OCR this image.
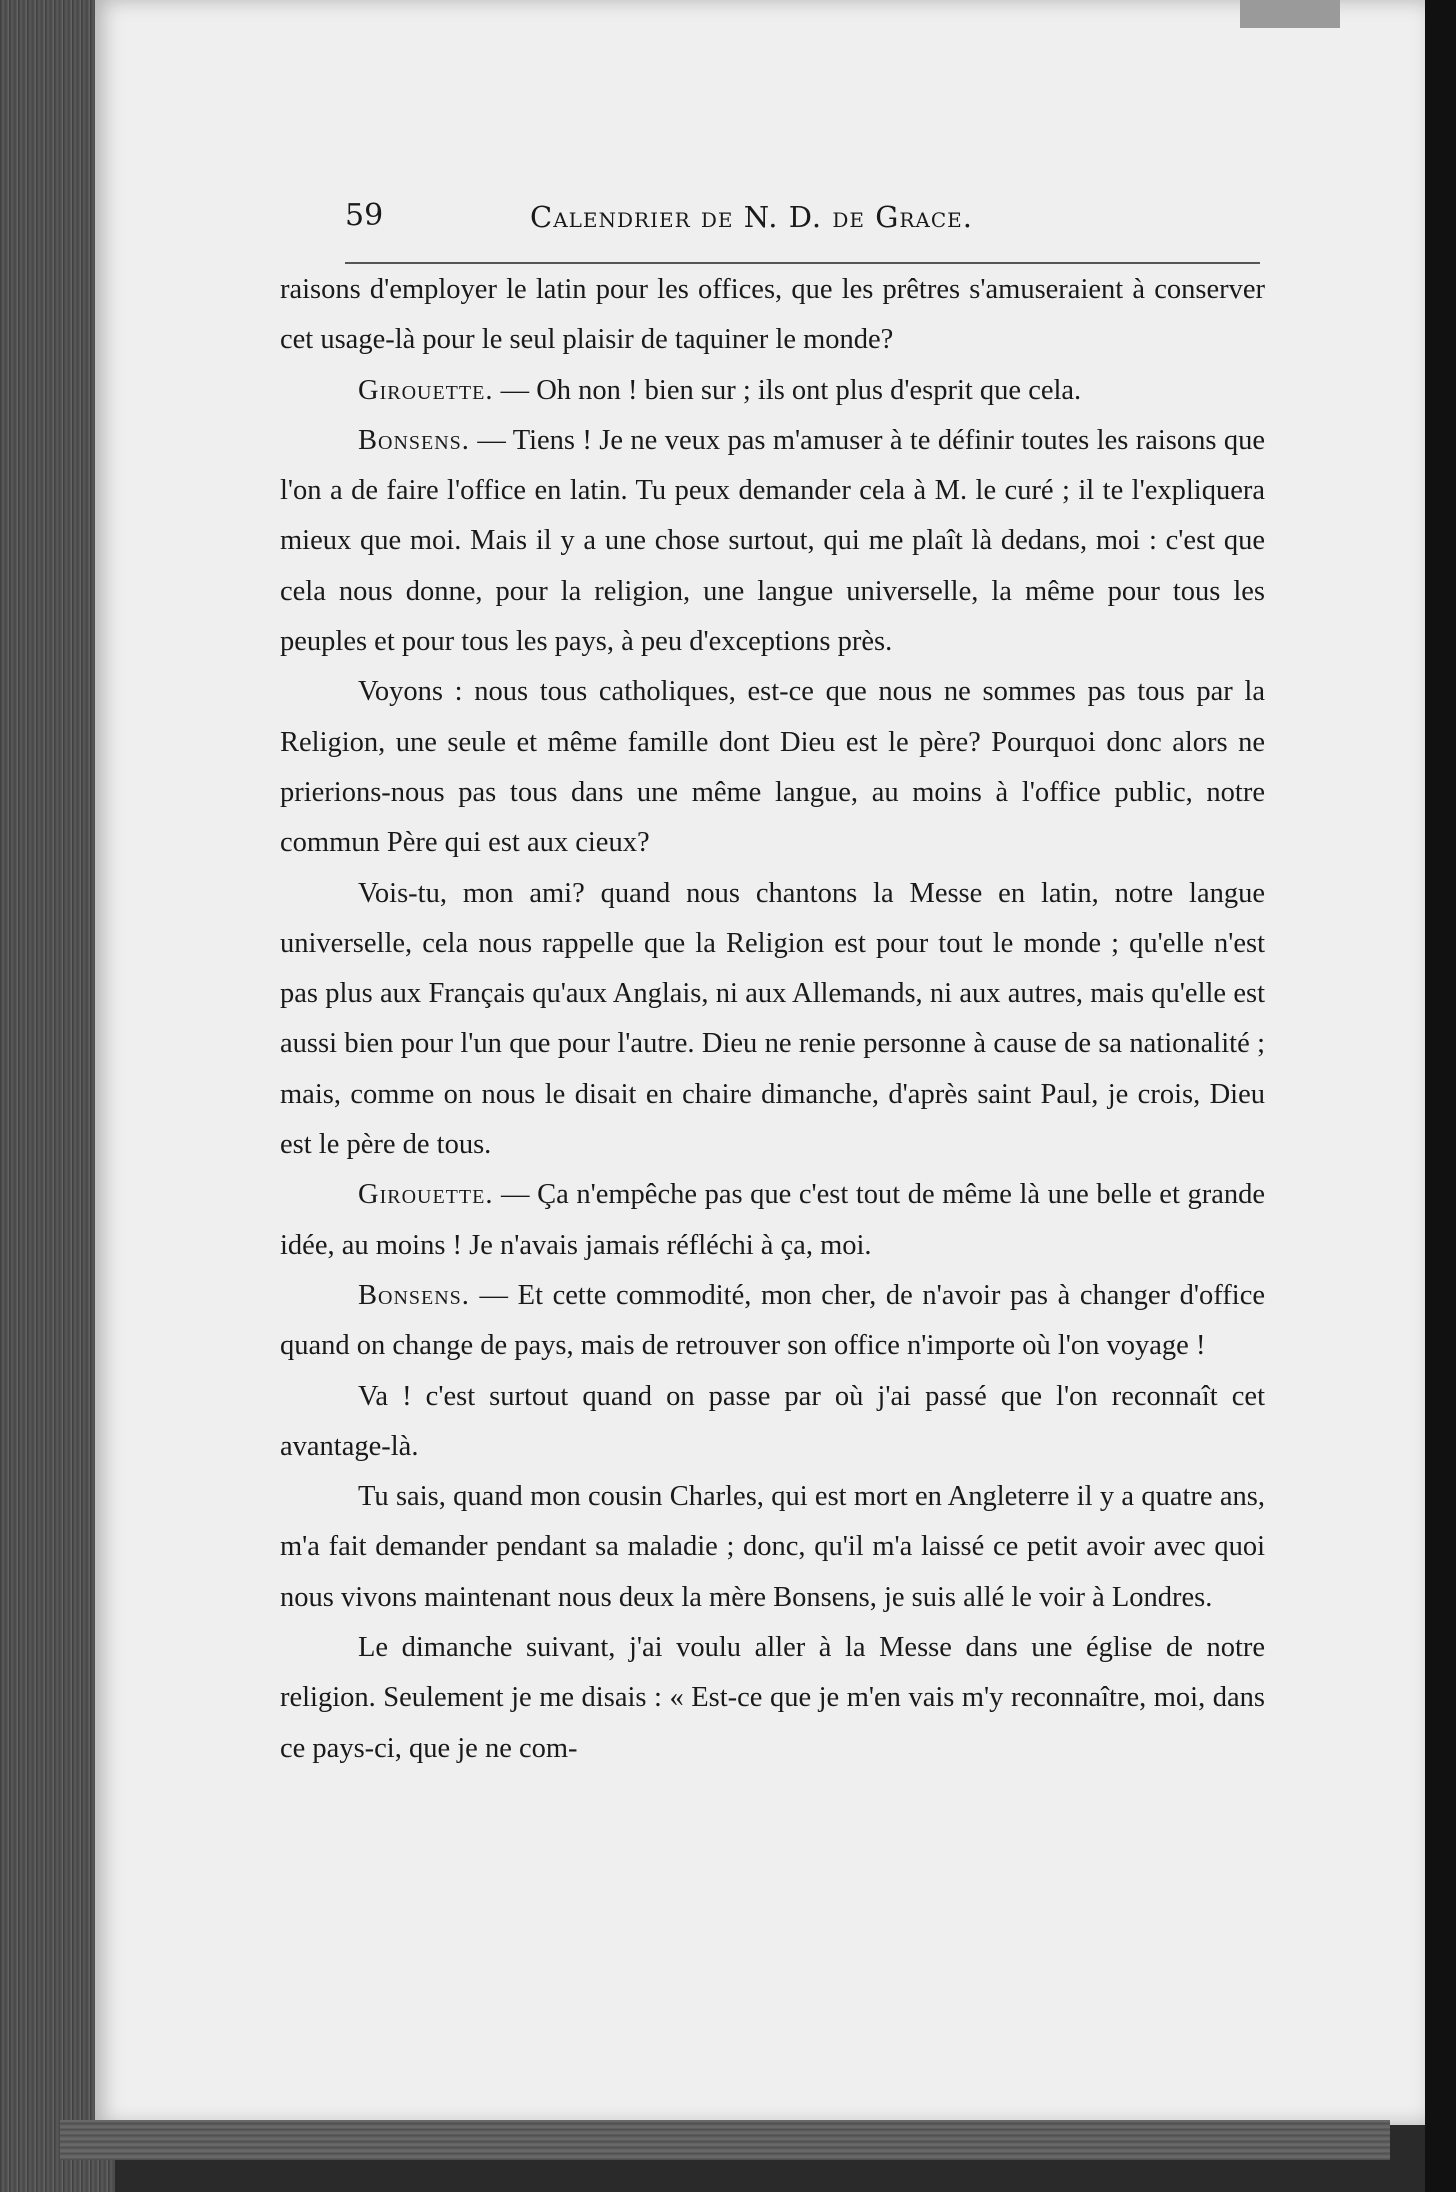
59	Calendrier de N. D. de Grace.

raisons d'employer le latin pour les offices, que les prêtres s'amuseraient à conserver cet usage-là pour le seul plaisir de taquiner le monde?

Girouette. — Oh non ! bien sur ; ils ont plus d'esprit que cela.

Bonsens. — Tiens ! Je ne veux pas m'amuser à te définir toutes les raisons que l'on a de faire l'office en latin. Tu peux demander cela à M. le curé ; il te l'expliquera mieux que moi. Mais il y a une chose surtout, qui me plaît là dedans, moi : c'est que cela nous donne, pour la religion, une langue universelle, la même pour tous les peuples et pour tous les pays, à peu d'exceptions près.

Voyons : nous tous catholiques, est-ce que nous ne sommes pas tous par la Religion, une seule et même famille dont Dieu est le père? Pourquoi donc alors ne prierions-nous pas tous dans une même langue, au moins à l'office public, notre commun Père qui est aux cieux?

Vois-tu, mon ami? quand nous chantons la Messe en latin, notre langue universelle, cela nous rappelle que la Religion est pour tout le monde ; qu'elle n'est pas plus aux Français qu'aux Anglais, ni aux Allemands, ni aux autres, mais qu'elle est aussi bien pour l'un que pour l'autre. Dieu ne renie personne à cause de sa nationalité ; mais, comme on nous le disait en chaire dimanche, d'après saint Paul, je crois, Dieu est le père de tous.

Girouette. — Ça n'empêche pas que c'est tout de même là une belle et grande idée, au moins ! Je n'avais jamais réfléchi à ça, moi.

Bonsens. — Et cette commodité, mon cher, de n'avoir pas à changer d'office quand on change de pays, mais de retrouver son office n'importe où l'on voyage !

Va ! c'est surtout quand on passe par où j'ai passé que l'on reconnaît cet avantage-là.

Tu sais, quand mon cousin Charles, qui est mort en Angleterre il y a quatre ans, m'a fait demander pendant sa maladie ; donc, qu'il m'a laissé ce petit avoir avec quoi nous vivons maintenant nous deux la mère Bonsens, je suis allé le voir à Londres.

Le dimanche suivant, j'ai voulu aller à la Messe dans une église de notre religion. Seulement je me disais : « Est-ce que je m'en vais m'y reconnaître, moi, dans ce pays-ci, que je ne com-
